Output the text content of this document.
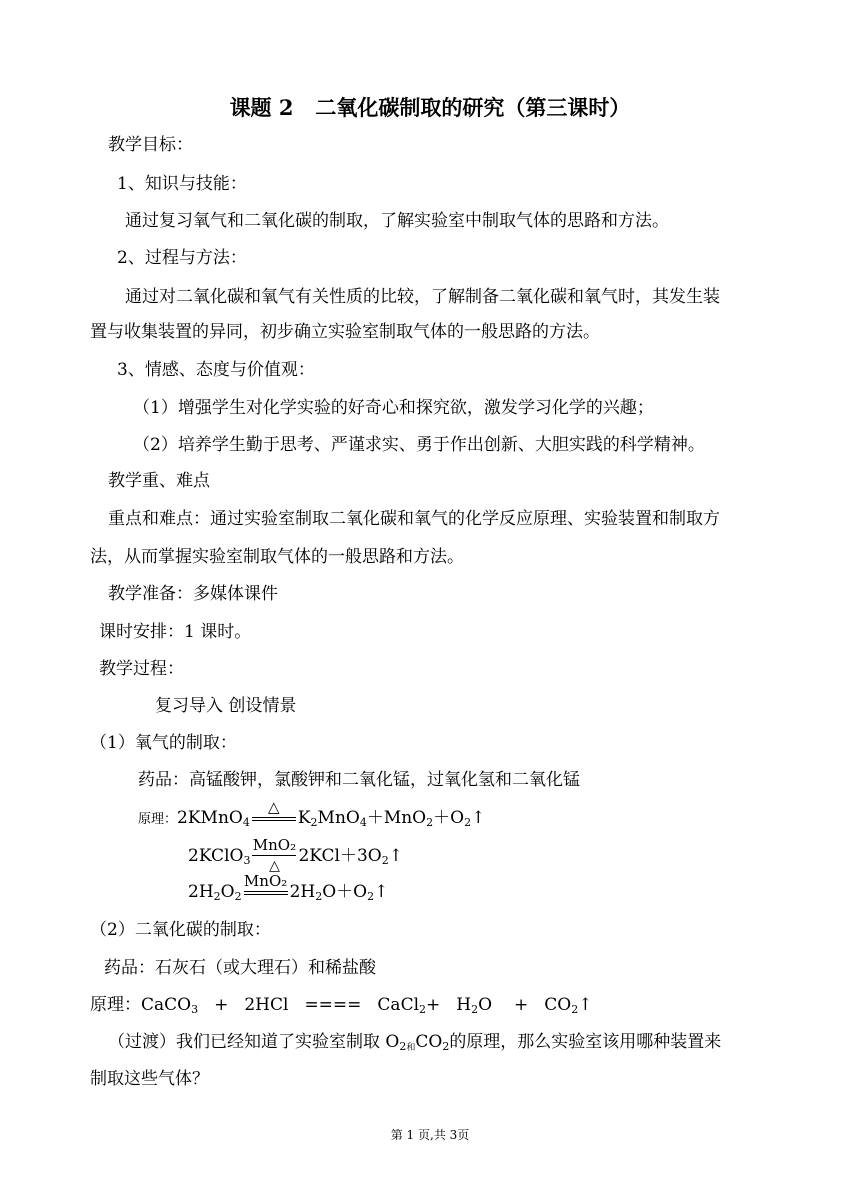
课题 2   二氧化碳制取的研究（第三课时）
教学目标：
1、知识与技能：
通过复习氧气和二氧化碳的制取，了解实验室中制取气体的思路和方法。
2、过程与方法：
通过对二氧化碳和氧气有关性质的比较，了解制备二氧化碳和氧气时，其发生装
置与收集装置的异同，初步确立实验室制取气体的一般思路的方法。
3、情感、态度与价值观：
（1）增强学生对化学实验的好奇心和探究欲，激发学习化学的兴趣；
（2）培养学生勤于思考、严谨求实、勇于作出创新、大胆实践的科学精神。
教学重、难点
重点和难点：通过实验室制取二氧化碳和氧气的化学反应原理、实验装置和制取方
法，从而掌握实验室制取气体的一般思路和方法。
教学准备：多媒体课件
课时安排：1 课时。
教学过程：
复习导入 创设情景
（1）氧气的制取：
药品：高锰酸钾，氯酸钾和二氧化锰，过氧化氢和二氧化锰
原理：2KMnO$_4$
△
$K_2MnO_4+MnO_2+O_2↑$
2KClO$_3$
MnO₂
△	$2KCl+3O_2↑$
$2H_2O_2$
MnO₂
$2H_2O+O_2↑$
（2）二氧化碳的制取：
药品：石灰石（或大理石）和稀盐酸
原理：CaCO$_3$ + 2HCl ==== CaCl$_2$+ $H_2O$ + $CO_2↑$
（过渡）我们已经知道了实验室制取 $O_{2和}CO_2$的原理，那么实验室该用哪种装置来
制取这些气体？
第 1 页,共 3页
